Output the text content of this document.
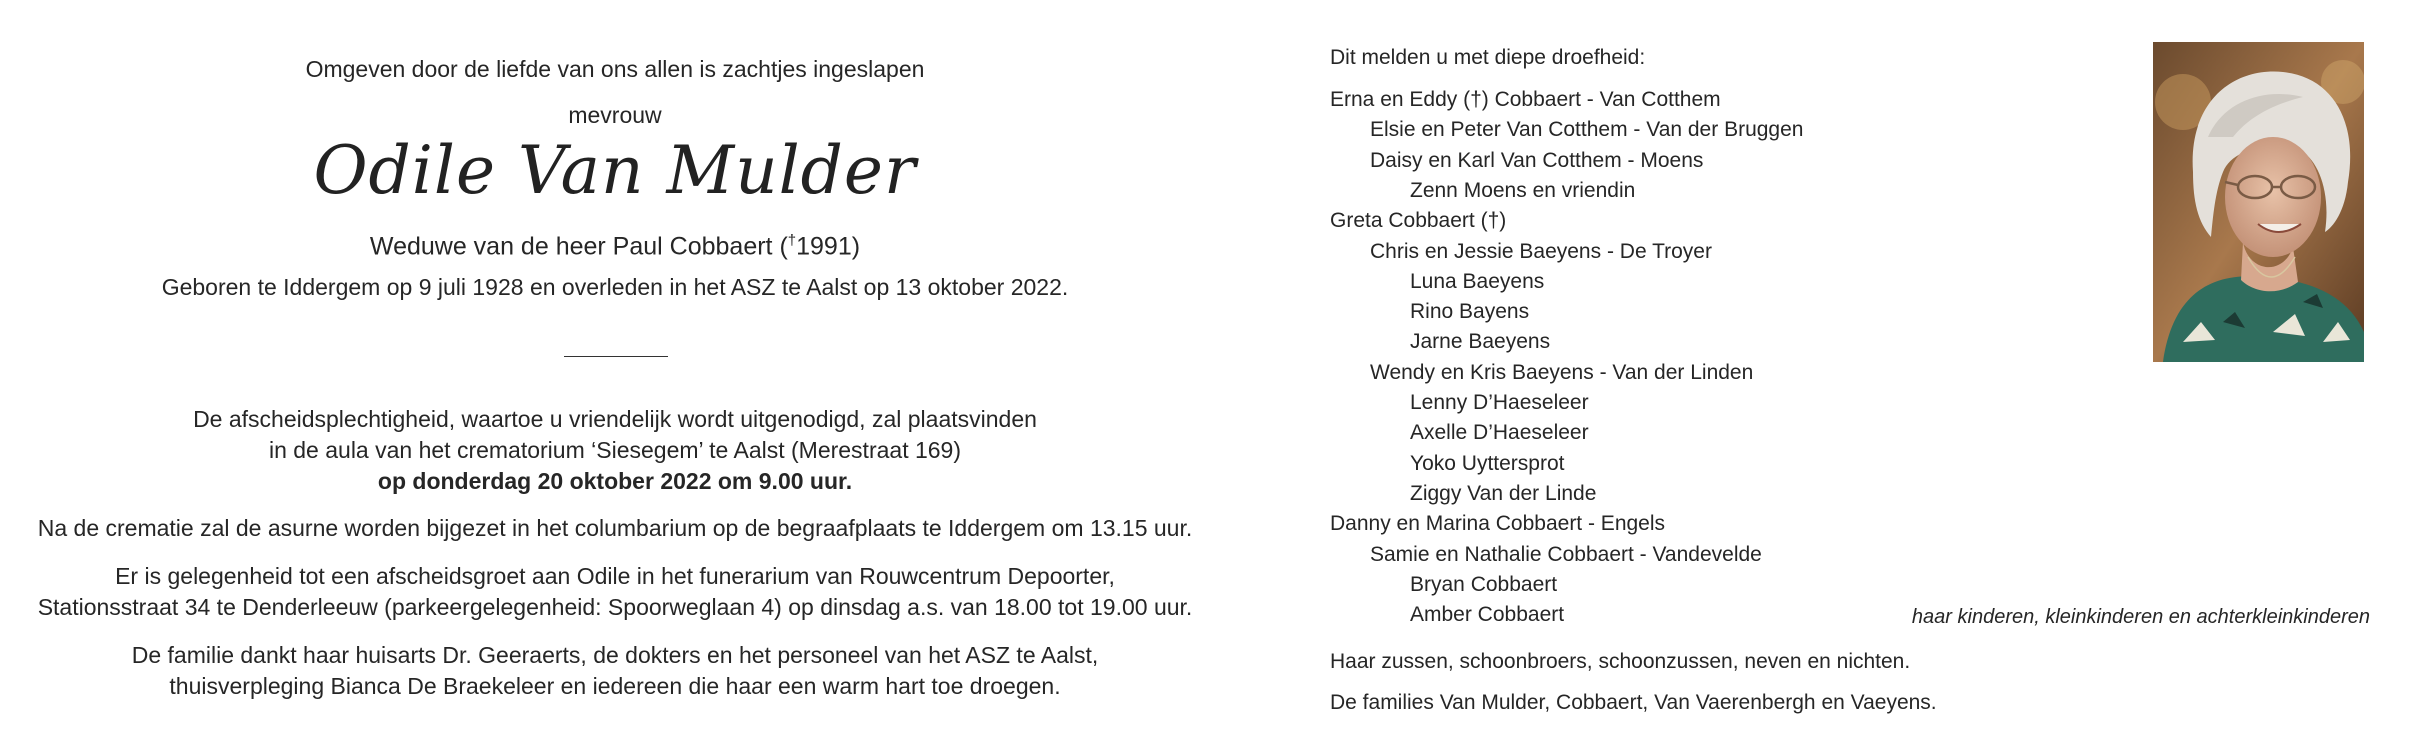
Omgeven door de liefde van ons allen is zachtjes ingeslapen
mevrouw
Odile Van Mulder
Weduwe van de heer Paul Cobbaert (†1991)
Geboren te Iddergem op 9 juli 1928 en overleden in het ASZ te Aalst op 13 oktober 2022.
De afscheidsplechtigheid, waartoe u vriendelijk wordt uitgenodigd, zal plaatsvinden
in de aula van het crematorium ‘Siesegem’ te Aalst (Merestraat 169)
op donderdag 20 oktober 2022 om 9.00 uur.
Na de crematie zal de asurne worden bijgezet in het columbarium op de begraafplaats te Iddergem om 13.15 uur.
Er is gelegenheid tot een afscheidsgroet aan Odile in het funerarium van Rouwcentrum Depoorter,
Stationsstraat 34 te Denderleeuw (parkeergelegenheid: Spoorweglaan 4) op dinsdag a.s. van 18.00 tot 19.00 uur.
De familie dankt haar huisarts Dr. Geeraerts, de dokters en het personeel van het ASZ te Aalst,
thuisverpleging Bianca De Braekeleer en iedereen die haar een warm hart toe droegen.
Dit melden u met diepe droefheid:
Erna en Eddy (†) Cobbaert - Van Cotthem
Elsie en Peter Van Cotthem - Van der Bruggen
Daisy en Karl Van Cotthem - Moens
Zenn Moens en vriendin
Greta Cobbaert (†)
Chris en Jessie Baeyens - De Troyer
Luna Baeyens
Rino Bayens
Jarne Baeyens
Wendy en Kris Baeyens - Van der Linden
Lenny D’Haeseleer
Axelle D’Haeseleer
Yoko Uyttersprot
Ziggy Van der Linde
Danny en Marina Cobbaert - Engels
Samie en Nathalie Cobbaert - Vandevelde
Bryan Cobbaert
Amber Cobbaert	haar kinderen, kleinkinderen en achterkleinkinderen
Haar zussen, schoonbroers, schoonzussen, neven en nichten.
De families Van Mulder, Cobbaert, Van Vaerenbergh en Vaeyens.
